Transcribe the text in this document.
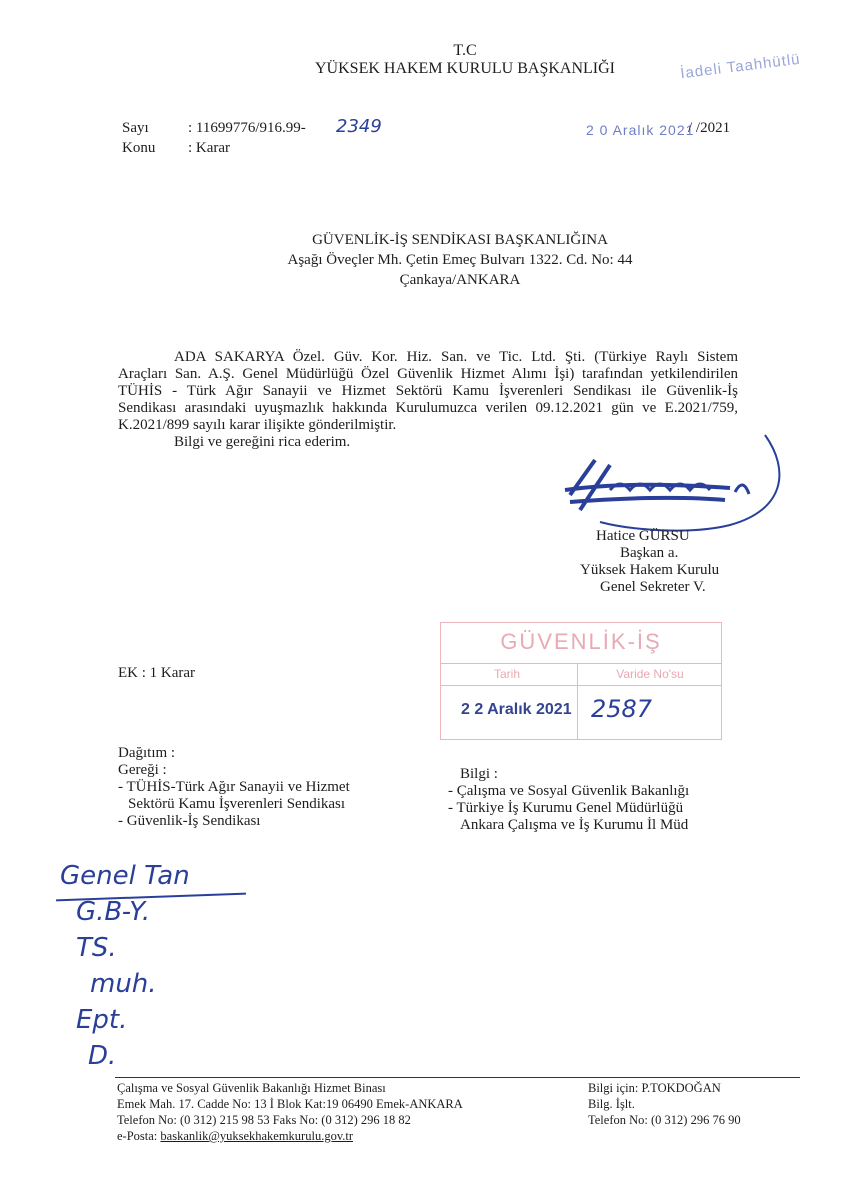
T.C
YÜKSEK HAKEM KURULU BAŞKANLIĞI	İadeli Taahhütlü
Sayı	: 11699776/916.99- 2349	2 0 Aralık 2021
/ /2021
Konu : Karar
GÜVENLİK-İŞ SENDİKASI BAŞKANLIĞINA
Aşağı Öveçler Mh. Çetin Emeç Bulvarı 1322. Cd. No: 44
Çankaya/ANKARA

ADA SAKARYA Özel. Güv. Kor. Hiz. San. ve Tic. Ltd. Şti. (Türkiye Raylı Sistem

Araçları San. A.Ş. Genel Müdürlüğü Özel Güvenlik Hizmet Alımı İşi) tarafından yetkilendirilen

TÜHİS - Türk Ağır Sanayii ve Hizmet Sektörü Kamu İşverenleri Sendikası ile Güvenlik-İş

Sendikası arasındaki uyuşmazlık hakkında Kurulumuzca verilen 09.12.2021 gün ve E.2021/759,

K.2021/899 sayılı karar ilişikte gönderilmiştir.

Bilgi ve gereğini rica ederim.

Hatice GÜRSU
Başkan a.
Yüksek Hakem Kurulu
Genel Sekreter V.
GÜVENLİK-İŞ
Tarih	Varide No'su
2 2 Aralık 2021 2587
EK : 1 Karar
Dağıtım :
Gereği :
- TÜHİS-Türk Ağır Sanayii ve Hizmet
Sektörü Kamu İşverenleri Sendikası
- Güvenlik-İş Sendikası
Bilgi :
- Çalışma ve Sosyal Güvenlik Bakanlığı
- Türkiye İş Kurumu Genel Müdürlüğü
Ankara Çalışma ve İş Kurumu İl Müd
Genel Tan
G.B-Y.
TS.
muh.
Ept.
D.
Çalışma ve Sosyal Güvenlik Bakanlığı Hizmet Binası
Emek Mah. 17. Cadde No: 13 İ Blok Kat:19 06490 Emek-ANKARA
Telefon No: (0 312) 215 98 53 Faks No: (0 312) 296 18 82
e-Posta: baskanlik@yuksekhakemkurulu.gov.tr
Bilgi için: P.TOKDOĞAN
Bilg. İşlt.
Telefon No: (0 312) 296 76 90
